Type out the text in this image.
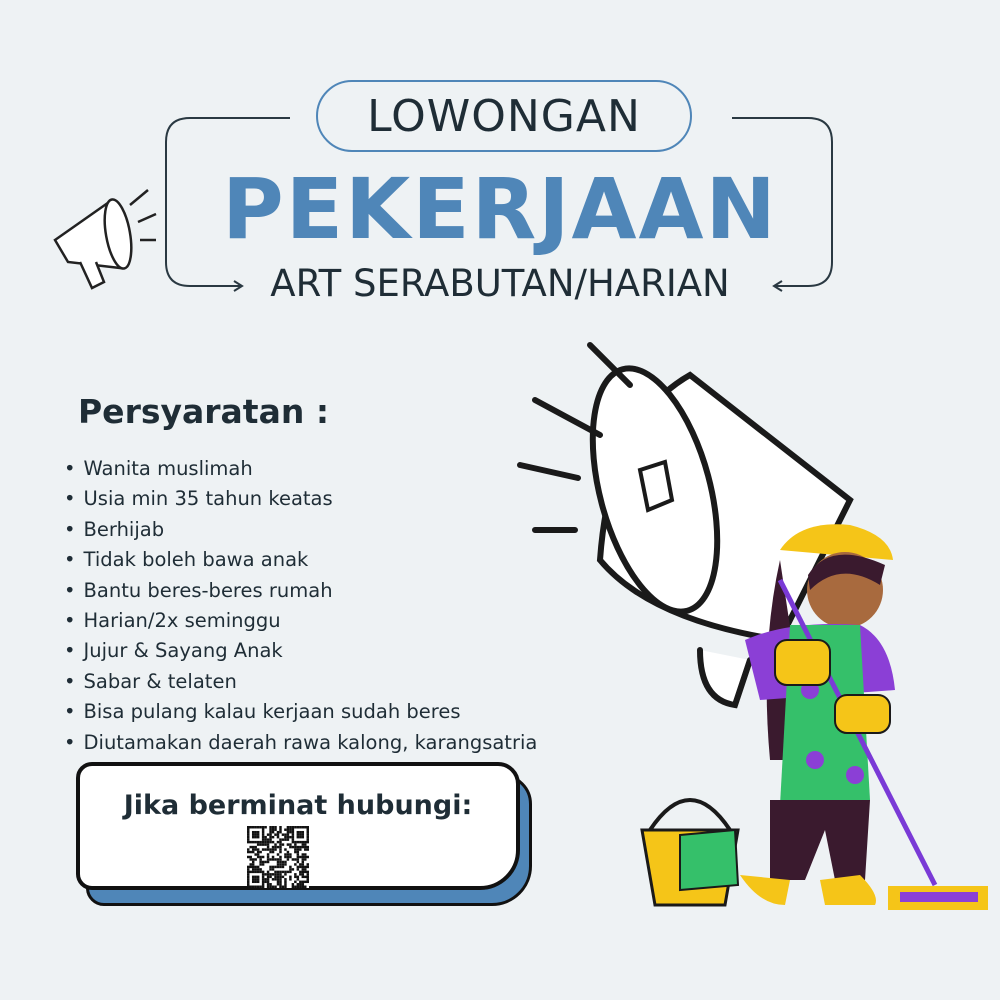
LOWONGAN
PEKERJAAN
ART SERABUTAN/HARIAN
Persyaratan :
• Wanita muslimah
• Usia min 35 tahun keatas
• Berhijab
• Tidak boleh bawa anak
• Bantu beres-beres rumah
• Harian/2x seminggu
• Jujur & Sayang Anak
• Sabar & telaten
• Bisa pulang kalau kerjaan sudah beres
• Diutamakan daerah rawa kalong, karangsatria
Jika berminat hubungi:
